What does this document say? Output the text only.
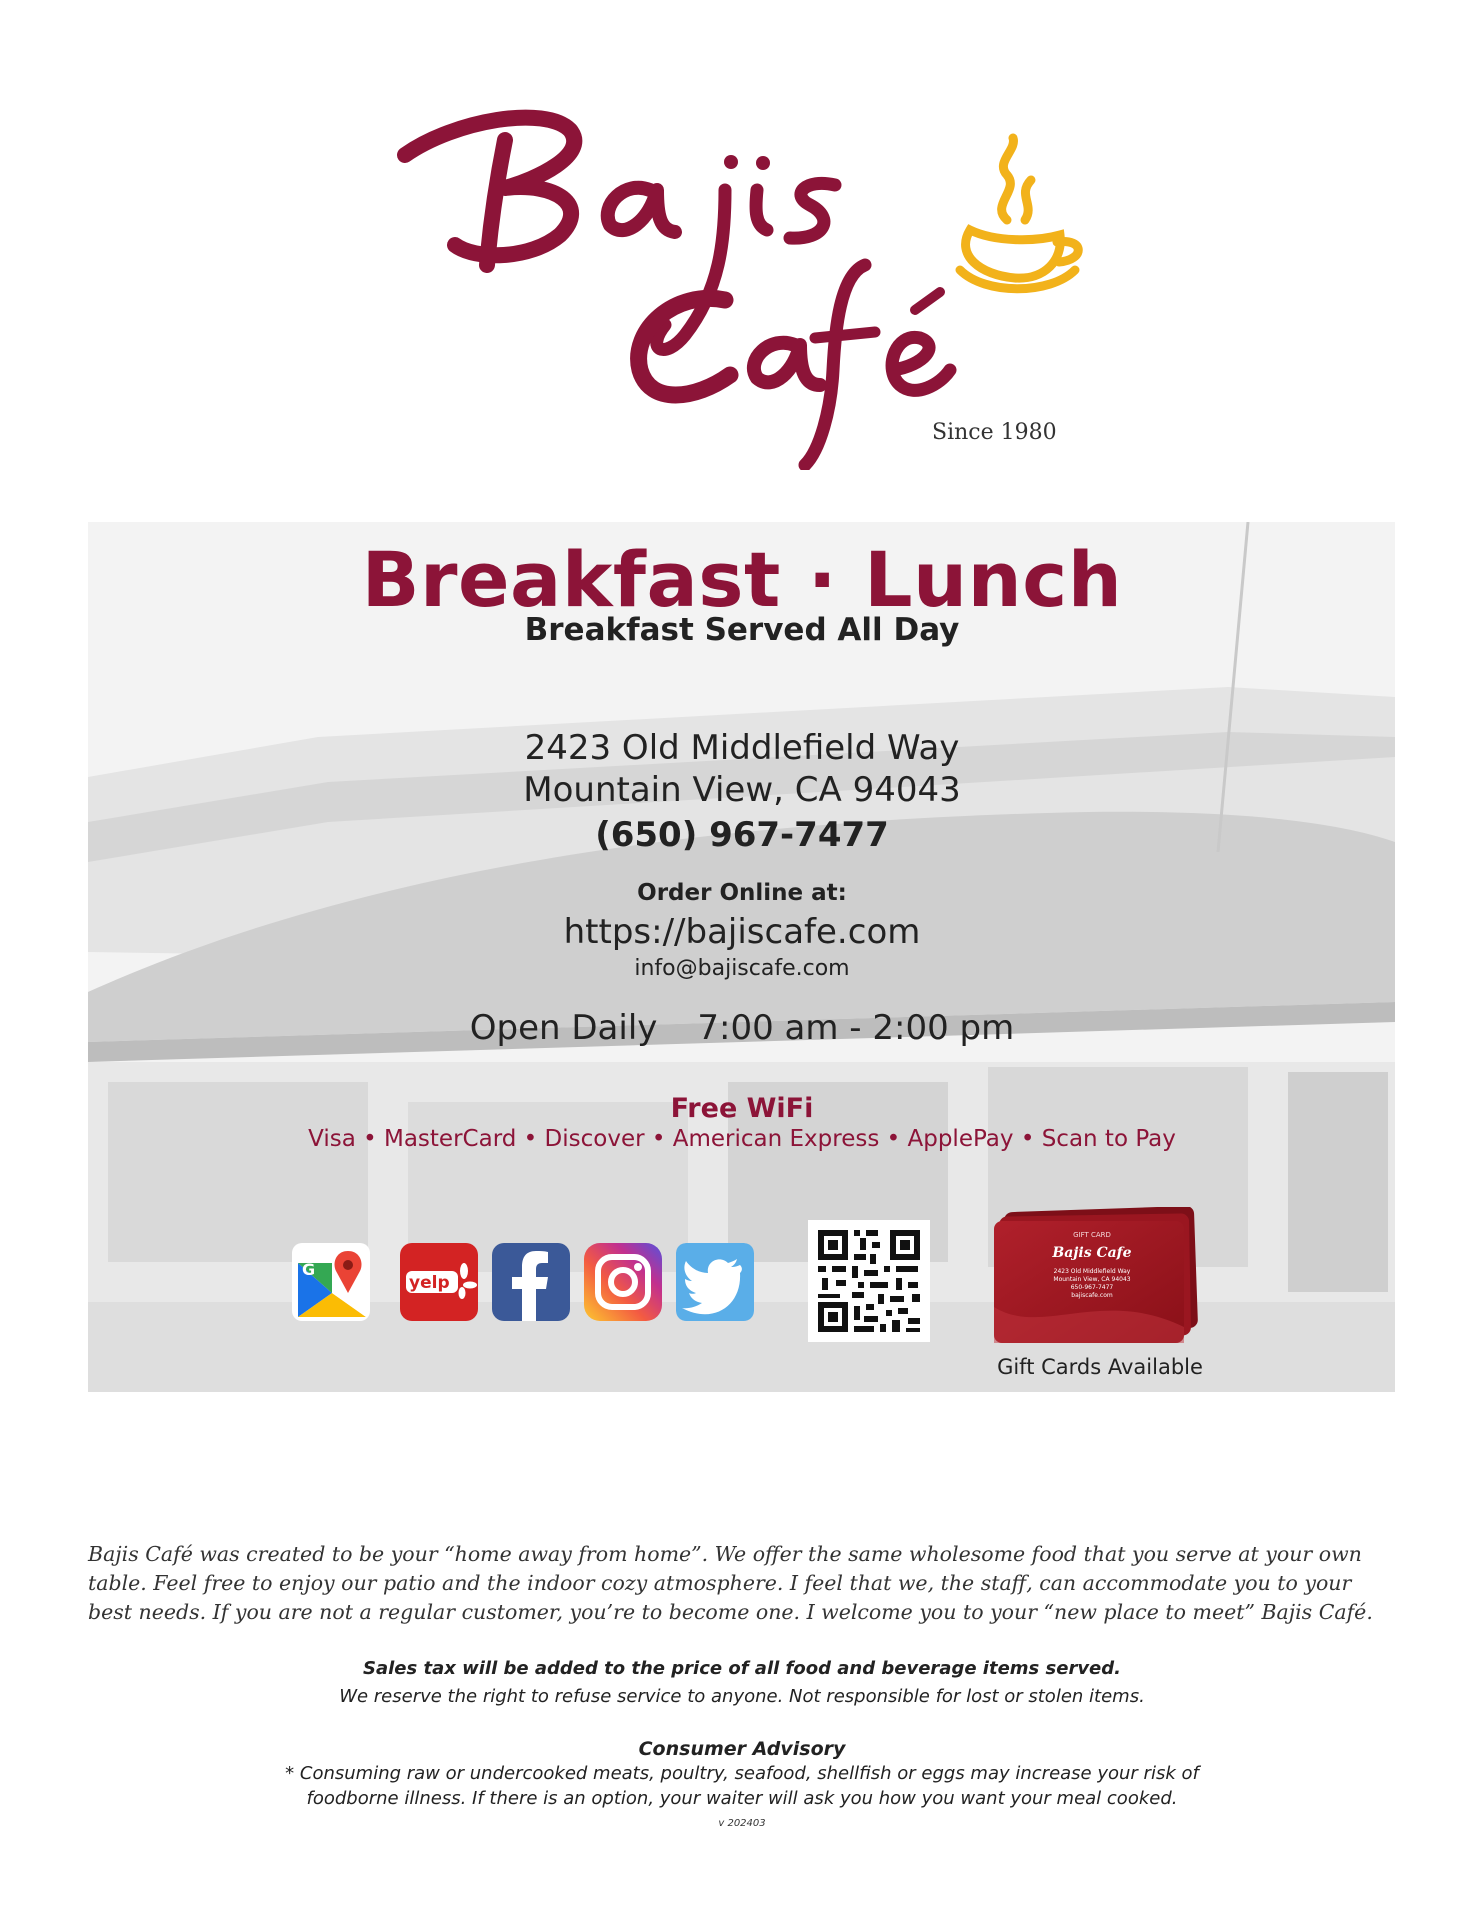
Since 1980
Breakfast · Lunch
Breakfast Served All Day
2423 Old Middlefield Way
Mountain View, CA 94043
(650) 967-7477
Order Online at:
https://bajiscafe.com
info@bajiscafe.com
Open Daily 7:00 am - 2:00 pm
Free WiFi
Visa • MasterCard • Discover • American Express • ApplePay • Scan to Pay
G
yelp
GIFT CARD
Bajis Cafe
2423 Old Middlefield Way
Mountain View, CA 94043
650-967-7477
bajiscafe.com
Gift Cards Available
Bajis Café was created to be your “home away from home”. We offer the same wholesome food that you serve at your own table. Feel free to enjoy our patio and the indoor cozy atmosphere. I feel that we, the staff, can accommodate you to your best needs. If you are not a regular customer, you’re to become one. I welcome you to your “new place to meet” Bajis Café.
Sales tax will be added to the price of all food and beverage items served.
We reserve the right to refuse service to anyone. Not responsible for lost or stolen items.
Consumer Advisory
* Consuming raw or undercooked meats, poultry, seafood, shellfish or eggs may increase your risk of
foodborne illness. If there is an option, your waiter will ask you how you want your meal cooked.
v 202403
